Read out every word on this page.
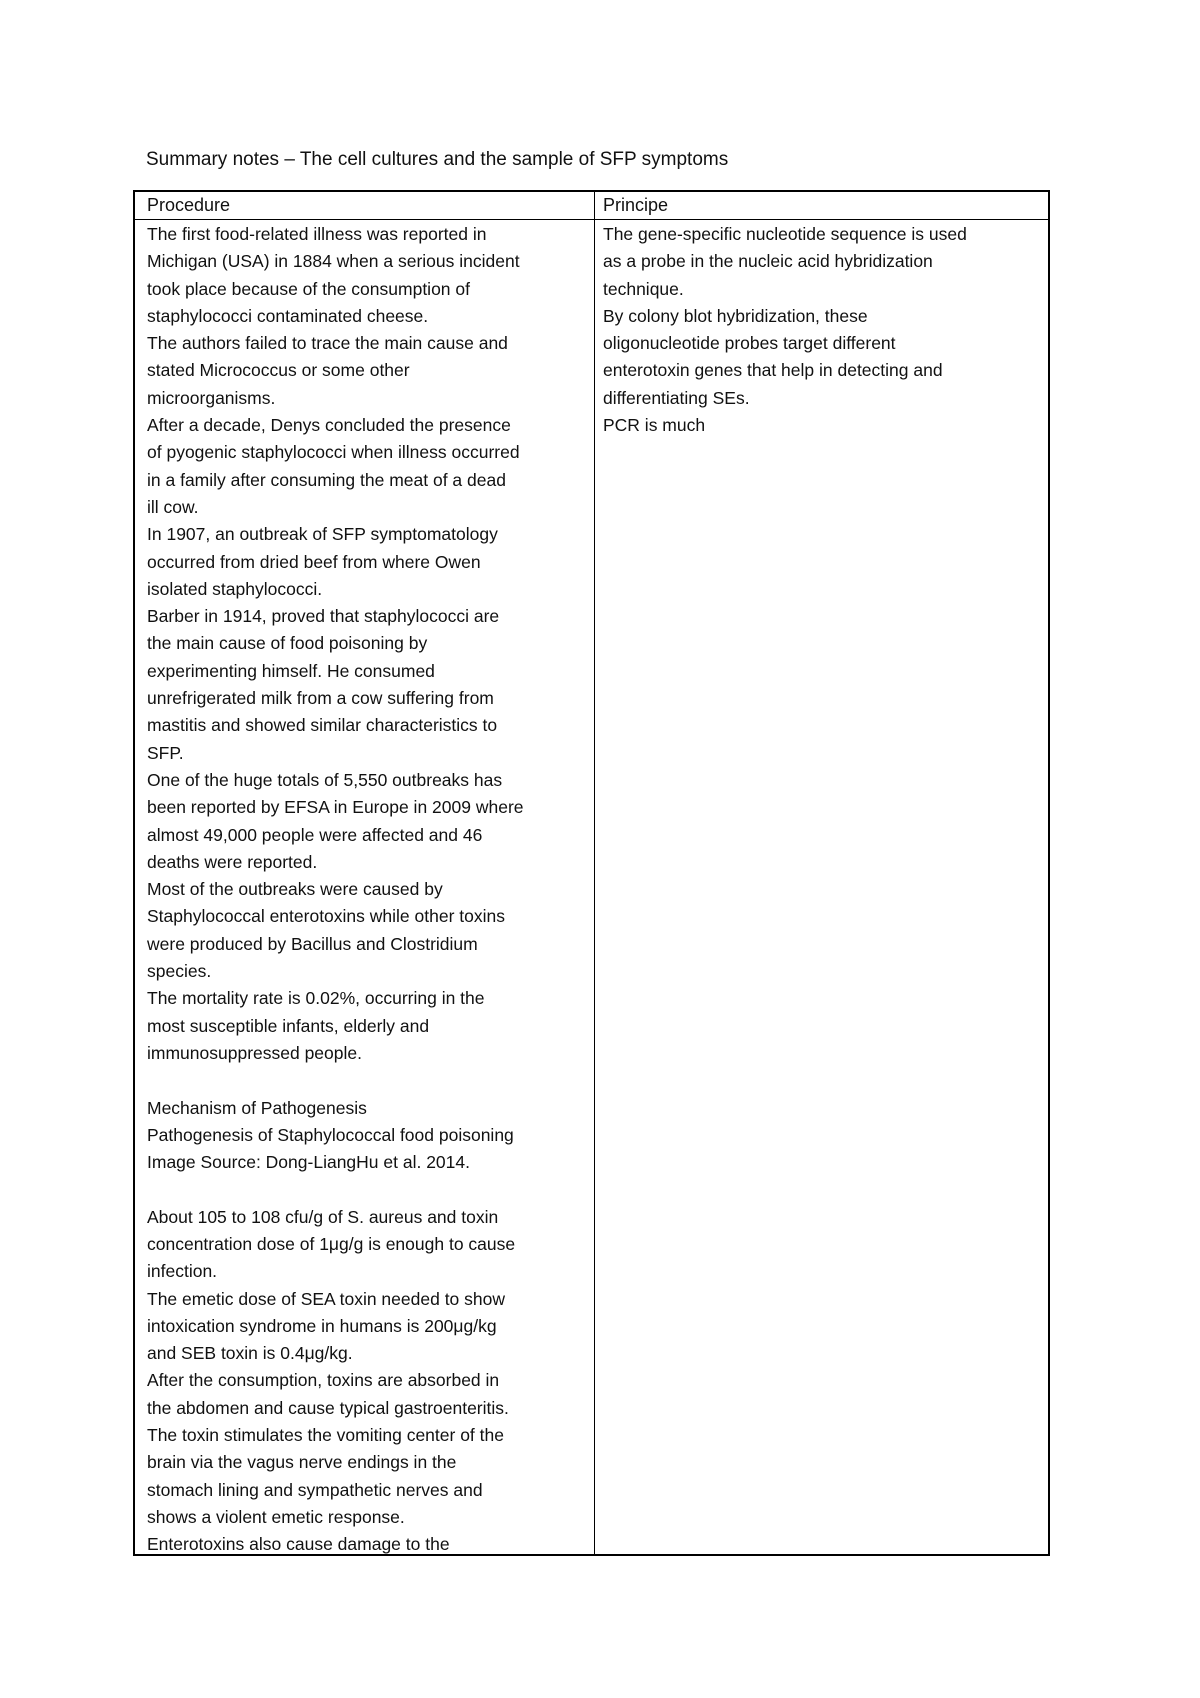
Summary notes – The cell cultures and the sample of SFP symptoms
Procedure	Principe
The first food-related illness was reported in
Michigan (USA) in 1884 when a serious incident
took place because of the consumption of
staphylococci contaminated cheese.
The authors failed to trace the main cause and
stated Micrococcus or some other
microorganisms.
After a decade, Denys concluded the presence
of pyogenic staphylococci when illness occurred
in a family after consuming the meat of a dead
ill cow.
In 1907, an outbreak of SFP symptomatology
occurred from dried beef from where Owen
isolated staphylococci.
Barber in 1914, proved that staphylococci are
the main cause of food poisoning by
experimenting himself. He consumed
unrefrigerated milk from a cow suffering from
mastitis and showed similar characteristics to
SFP.
One of the huge totals of 5,550 outbreaks has
been reported by EFSA in Europe in 2009 where
almost 49,000 people were affected and 46
deaths were reported.
Most of the outbreaks were caused by
Staphylococcal enterotoxins while other toxins
were produced by Bacillus and Clostridium
species.
The mortality rate is 0.02%, occurring in the
most susceptible infants, elderly and
immunosuppressed people.
Mechanism of Pathogenesis
Pathogenesis of Staphylococcal food poisoning
Image Source: Dong-LiangHu et al. 2014.
About 105 to 108 cfu/g of S. aureus and toxin
concentration dose of 1μg/g is enough to cause
infection.
The emetic dose of SEA toxin needed to show
intoxication syndrome in humans is 200μg/kg
and SEB toxin is 0.4μg/kg.
After the consumption, toxins are absorbed in
the abdomen and cause typical gastroenteritis.
The toxin stimulates the vomiting center of the
brain via the vagus nerve endings in the
stomach lining and sympathetic nerves and
shows a violent emetic response.
Enterotoxins also cause damage to the
The gene-specific nucleotide sequence is used
as a probe in the nucleic acid hybridization
technique.
By colony blot hybridization, these
oligonucleotide probes target different
enterotoxin genes that help in detecting and
differentiating SEs.
PCR is much
